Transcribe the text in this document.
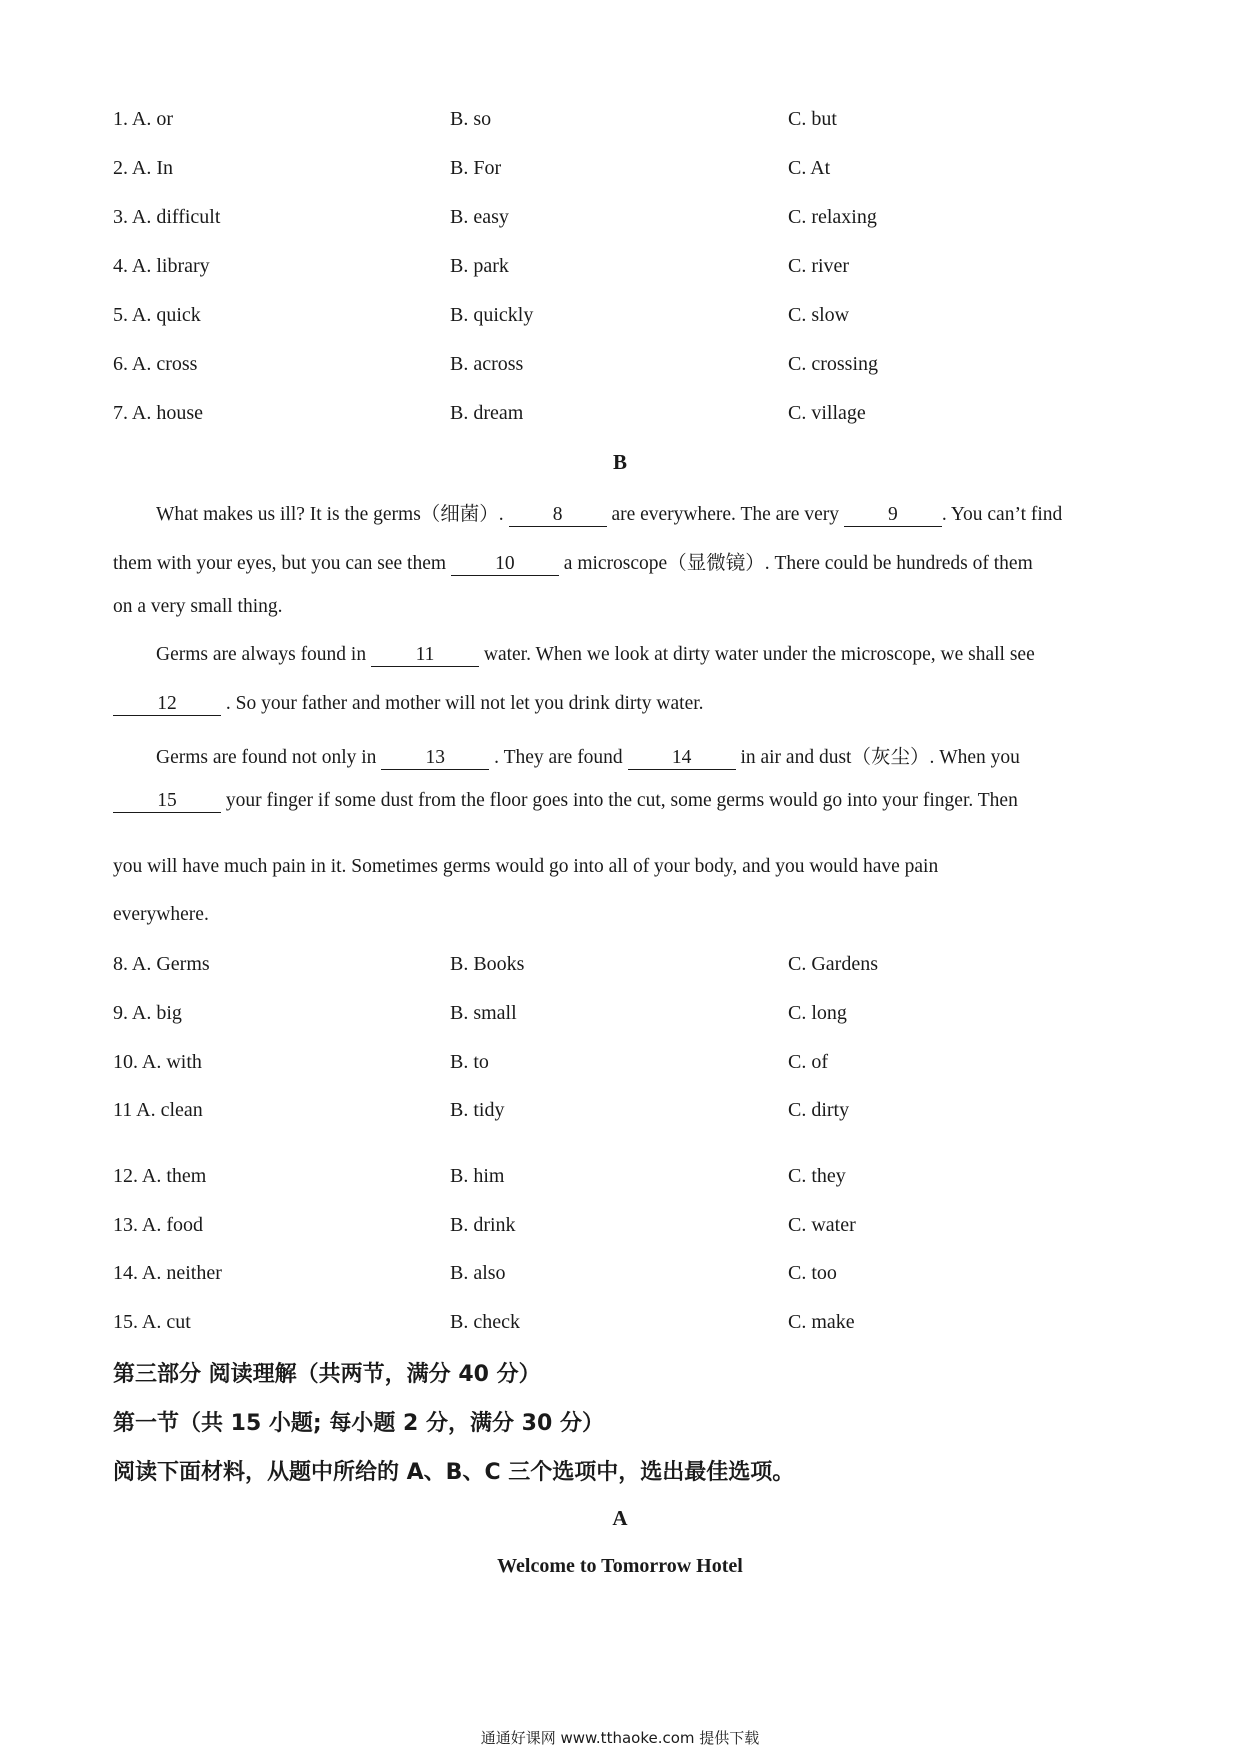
1. A. or	B. so	C. but
2. A. In	B. For	C. At
3. A. difficult	B. easy	C. relaxing
4. A. library	B. park	C. river
5. A. quick	B. quickly	C. slow
6. A. cross	B. across	C. crossing
7. A. house	B. dream	C. village
B
What makes us ill? It is the germs（细菌）.	8	are everywhere. The are very	9 . You can’t find
them with your eyes, but you can see them	10	a microscope（显微镜）. There could be hundreds of them
on a very small thing.
Germs are always found in	11	water. When we look at dirty water under the microscope, we shall see
12	. So your father and mother will not let you drink dirty water.
Germs are found not only in	13	. They are found	14	in air and dust（灰尘）. When you
15	your finger if some dust from the floor goes into the cut, some germs would go into your finger. Then
you will have much pain in it. Sometimes germs would go into all of your body, and you would have pain
everywhere.
8. A. Germs	B. Books	C. Gardens
9. A. big	B. small	C. long
10. A. with	B. to	C. of
11 A. clean	B. tidy	C. dirty
12. A. them	B. him	C. they
13. A. food	B. drink	C. water
14. A. neither	B. also	C. too
15. A. cut	B. check	C. make
第三部分 阅读理解（共两节，满分 40 分）
第一节（共 15 小题; 每小题 2 分，满分 30 分）
阅读下面材料，从题中所给的 A、B、C 三个选项中，选出最佳选项。
A
Welcome to Tomorrow Hotel
通通好课网 www.tthaoke.com 提供下载
